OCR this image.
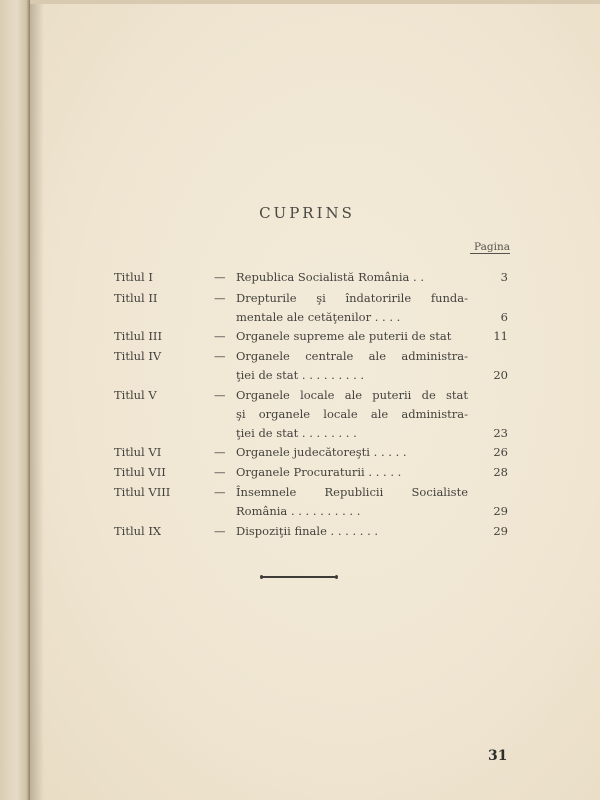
CUPRINS
Pagina
Titlul I	— Republica Socialistă România . .	3
Titlul II	— Drepturile şi îndatoririle funda-
mentale ale cetăţenilor . . . .	6
Titlul III	— Organele supreme ale puterii de stat	11
Titlul IV	— Organele centrale ale administra-
ţiei de stat . . . . . . . . .	20
Titlul V	— Organele locale ale puterii de stat
şi organele locale ale administra-
ţiei de stat . . . . . . . .	23
Titlul VI	— Organele judecătoreşti . . . . .	26
Titlul VII	— Organele Procuraturii . . . . .	28
Titlul VIII	— Însemnele Republicii Socialiste
România . . . . . . . . . .	29
Titlul IX	— Dispoziţii finale . . . . . . .	29
31
